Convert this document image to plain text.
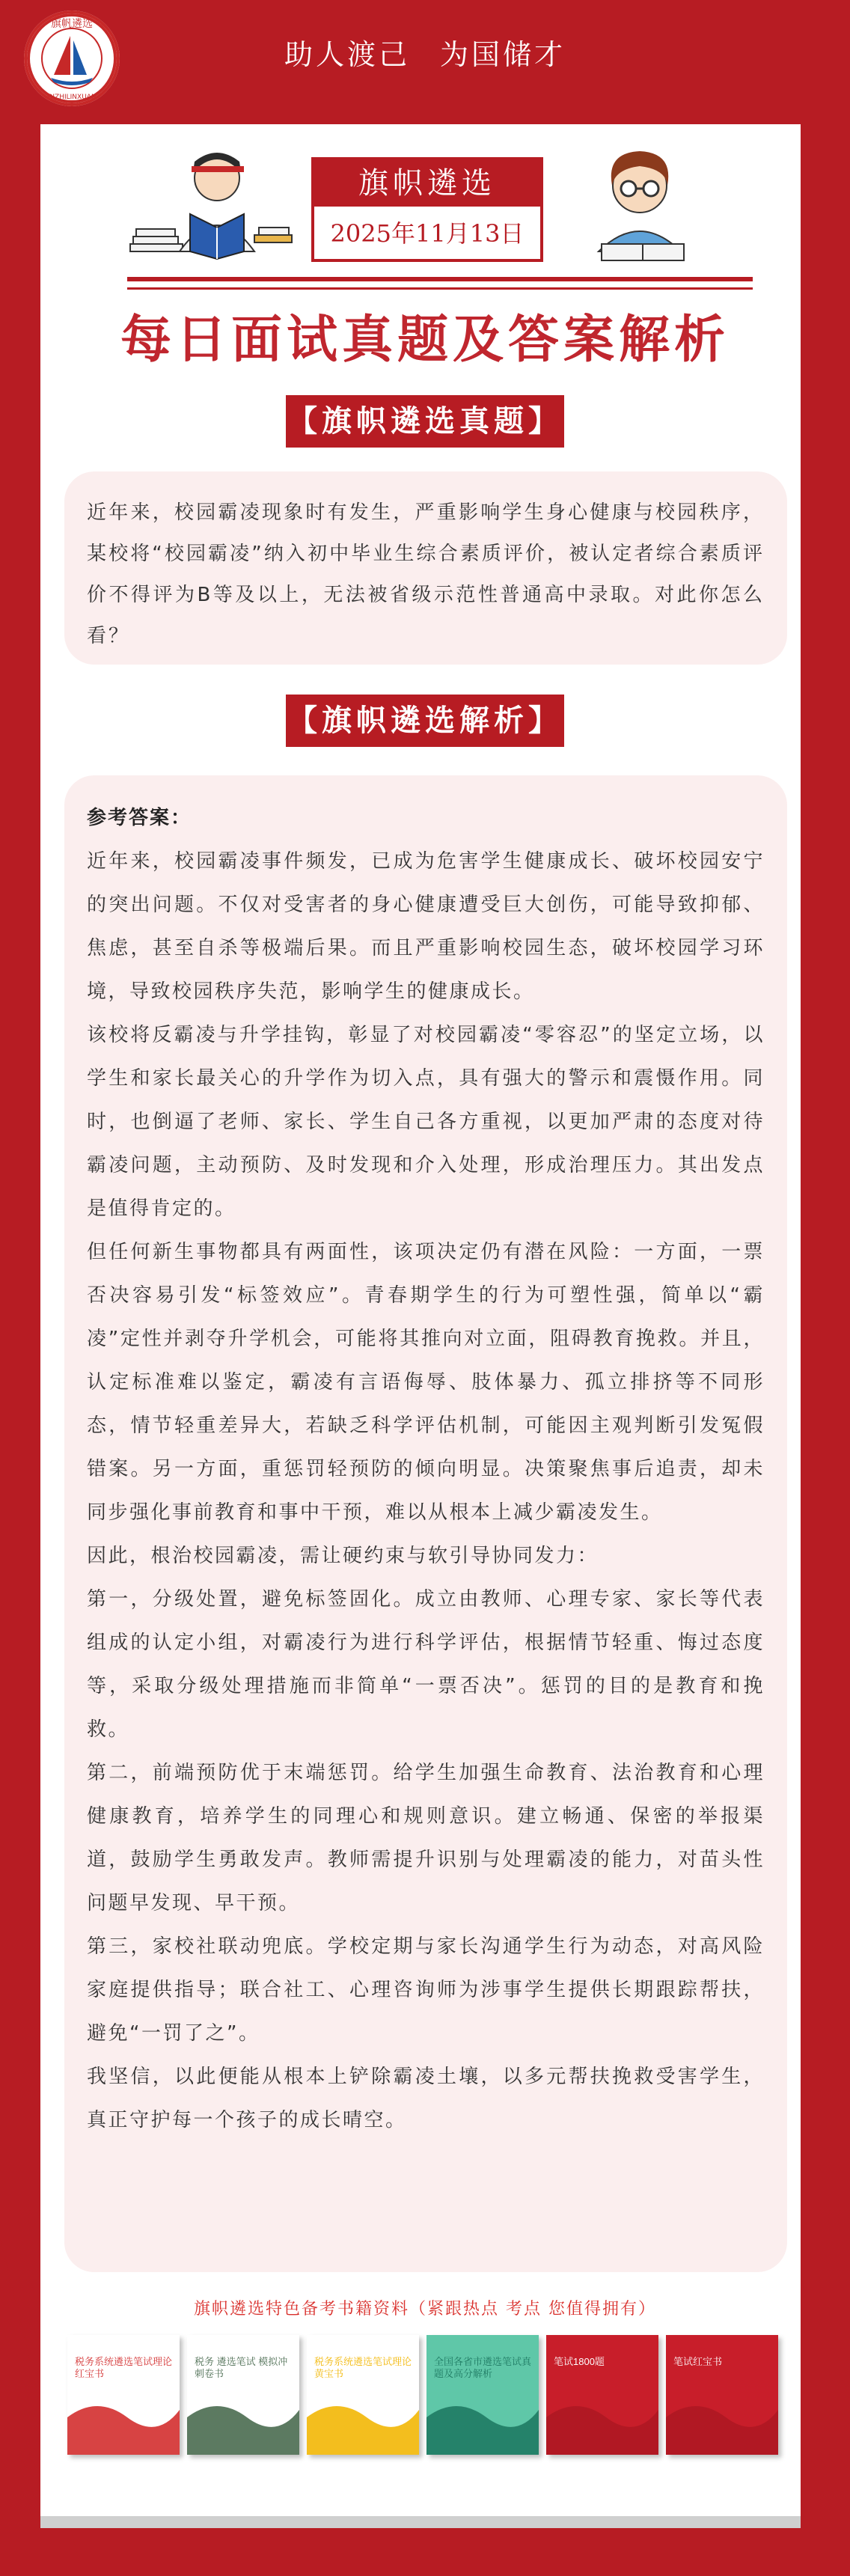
旗帆遴选
QIZHILINXUAN
助人渡己 为国储才
旗帜遴选
2025年11月13日
每日面试真题及答案解析
【旗帜遴选真题】

近年来，校园霸凌现象时有发生，严重影响学生身心健康与校园秩序，某校将“校园霸凌”纳入初中毕业生综合素质评价，被认定者综合素质评价不得评为B等及以上，无法被省级示范性普通高中录取。对此你怎么看？

【旗帜遴选解析】

参考答案：

近年来，校园霸凌事件频发，已成为危害学生健康成长、破坏校园安宁的突出问题。不仅对受害者的身心健康遭受巨大创伤，可能导致抑郁、焦虑，甚至自杀等极端后果。而且严重影响校园生态，破坏校园学习环境，导致校园秩序失范，影响学生的健康成长。

该校将反霸凌与升学挂钩，彰显了对校园霸凌“零容忍”的坚定立场，以学生和家长最关心的升学作为切入点，具有强大的警示和震慑作用。同时，也倒逼了老师、家长、学生自己各方重视，以更加严肃的态度对待霸凌问题，主动预防、及时发现和介入处理，形成治理压力。其出发点是值得肯定的。

但任何新生事物都具有两面性，该项决定仍有潜在风险：一方面，一票否决容易引发“标签效应”。青春期学生的行为可塑性强，简单以“霸凌”定性并剥夺升学机会，可能将其推向对立面，阻碍教育挽救。并且，认定标准难以鉴定，霸凌有言语侮辱、肢体暴力、孤立排挤等不同形态，情节轻重差异大，若缺乏科学评估机制，可能因主观判断引发冤假错案。另一方面，重惩罚轻预防的倾向明显。决策聚焦事后追责，却未同步强化事前教育和事中干预，难以从根本上减少霸凌发生。

因此，根治校园霸凌，需让硬约束与软引导协同发力：

第一，分级处置，避免标签固化。成立由教师、心理专家、家长等代表组成的认定小组，对霸凌行为进行科学评估，根据情节轻重、悔过态度等，采取分级处理措施而非简单“一票否决”。惩罚的目的是教育和挽救。

第二，前端预防优于末端惩罚。给学生加强生命教育、法治教育和心理健康教育，培养学生的同理心和规则意识。建立畅通、保密的举报渠道，鼓励学生勇敢发声。教师需提升识别与处理霸凌的能力，对苗头性问题早发现、早干预。

第三，家校社联动兜底。学校定期与家长沟通学生行为动态，对高风险家庭提供指导；联合社工、心理咨询师为涉事学生提供长期跟踪帮扶，避免“一罚了之”。

我坚信，以此便能从根本上铲除霸凌土壤，以多元帮扶挽救受害学生，真正守护每一个孩子的成长晴空。

旗帜遴选特色备考书籍资料（紧跟热点 考点 您值得拥有）
税务系统遴选笔试理论红宝书
税务 遴选笔试 模拟冲刺卷书
税务系统遴选笔试理论黄宝书
全国各省市遴选笔试真题及高分解析
笔试1800题	笔试红宝书
